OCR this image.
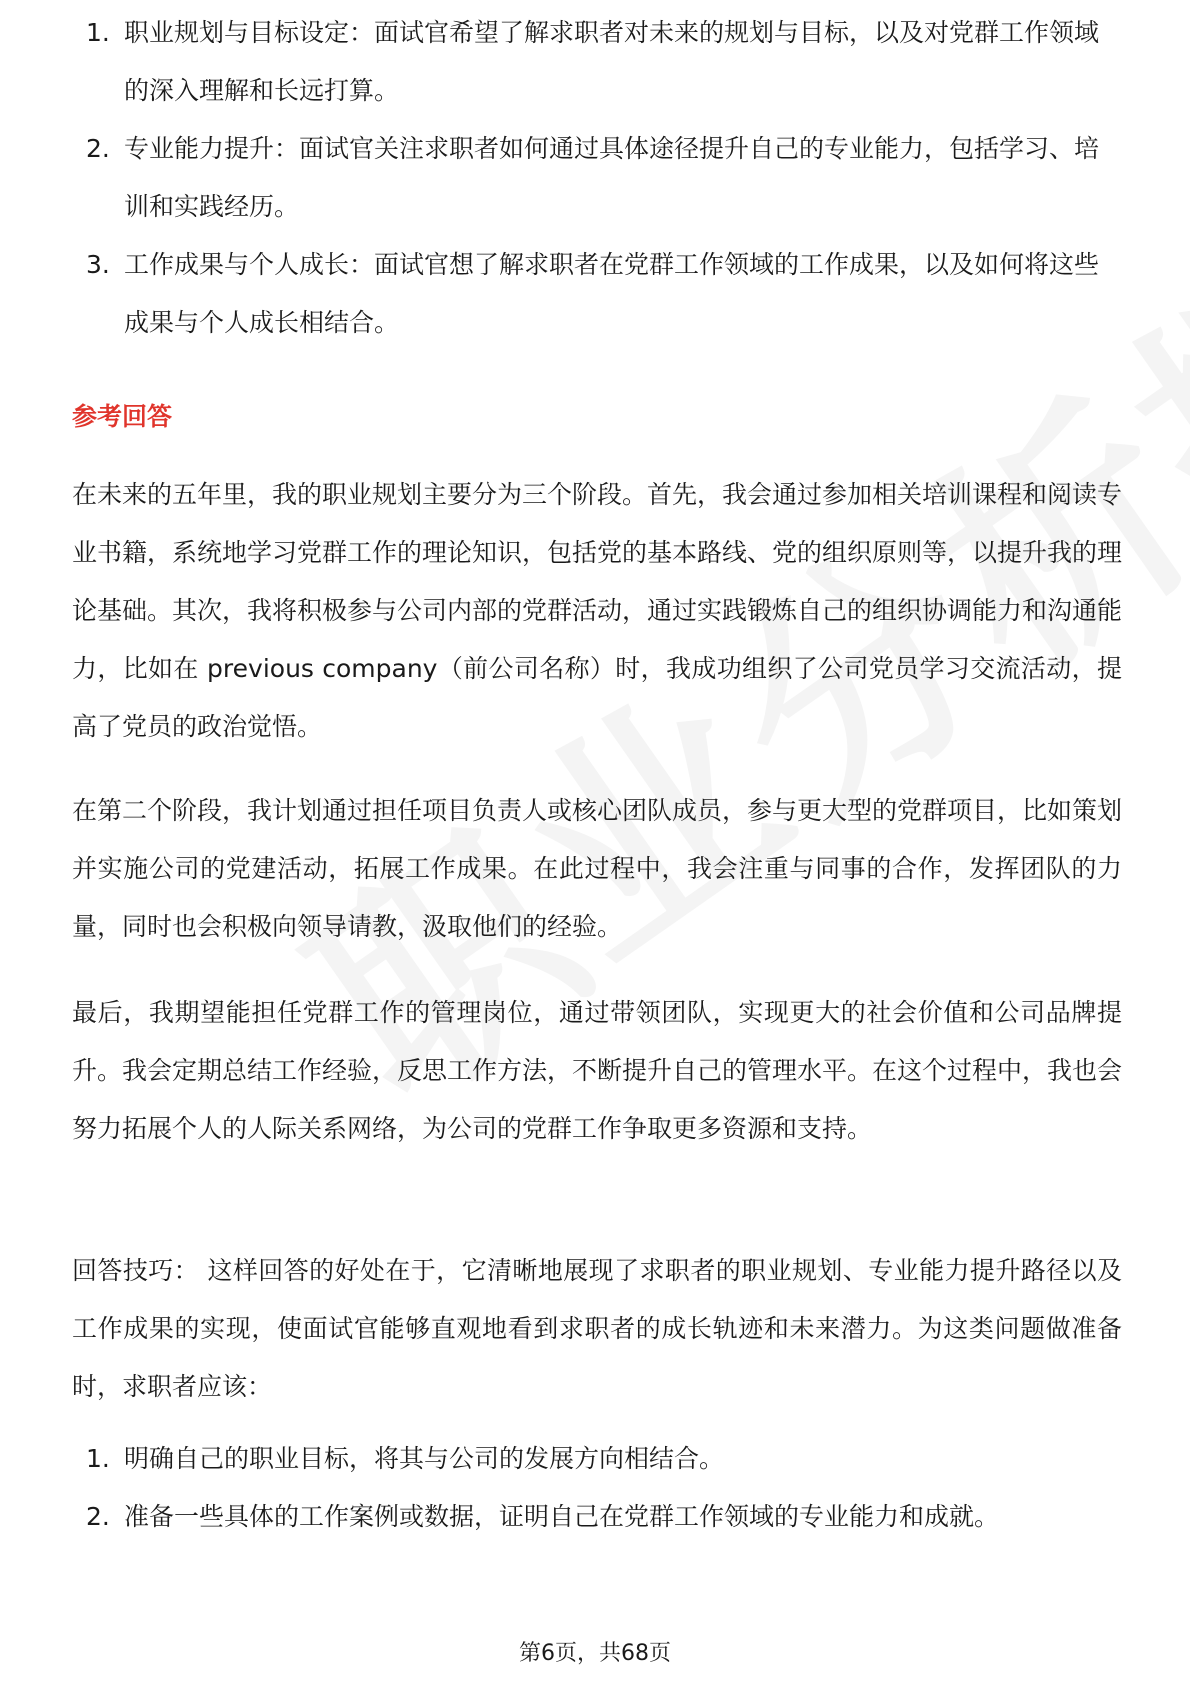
1. 职业规划与目标设定：面试官希望了解求职者对未来的规划与目标，以及对党群工作领域的深入理解和长远打算。
2. 专业能力提升：面试官关注求职者如何通过具体途径提升自己的专业能力，包括学习、培训和实践经历。
3. 工作成果与个人成长：面试官想了解求职者在党群工作领域的工作成果，以及如何将这些成果与个人成长相结合。
参考回答

在未来的五年里，我的职业规划主要分为三个阶段。首先，我会通过参加相关培训课程和阅读专业书籍，系统地学习党群工作的理论知识，包括党的基本路线、党的组织原则等，以提升我的理论基础。其次，我将积极参与公司内部的党群活动，通过实践锻炼自己的组织协调能力和沟通能力，比如在 previous company（前公司名称）时，我成功组织了公司党员学习交流活动，提高了党员的政治觉悟。

在第二个阶段，我计划通过担任项目负责人或核心团队成员，参与更大型的党群项目，比如策划并实施公司的党建活动，拓展工作成果。在此过程中，我会注重与同事的合作，发挥团队的力量，同时也会积极向领导请教，汲取他们的经验。

最后，我期望能担任党群工作的管理岗位，通过带领团队，实现更大的社会价值和公司品牌提升。我会定期总结工作经验，反思工作方法，不断提升自己的管理水平。在这个过程中，我也会努力拓展个人的人际关系网络，为公司的党群工作争取更多资源和支持。

回答技巧： 这样回答的好处在于，它清晰地展现了求职者的职业规划、专业能力提升路径以及工作成果的实现，使面试官能够直观地看到求职者的成长轨迹和未来潜力。为这类问题做准备时，求职者应该：

1. 明确自己的职业目标，将其与公司的发展方向相结合。
2. 准备一些具体的工作案例或数据，证明自己在党群工作领域的专业能力和成就。
第6页，共68页
